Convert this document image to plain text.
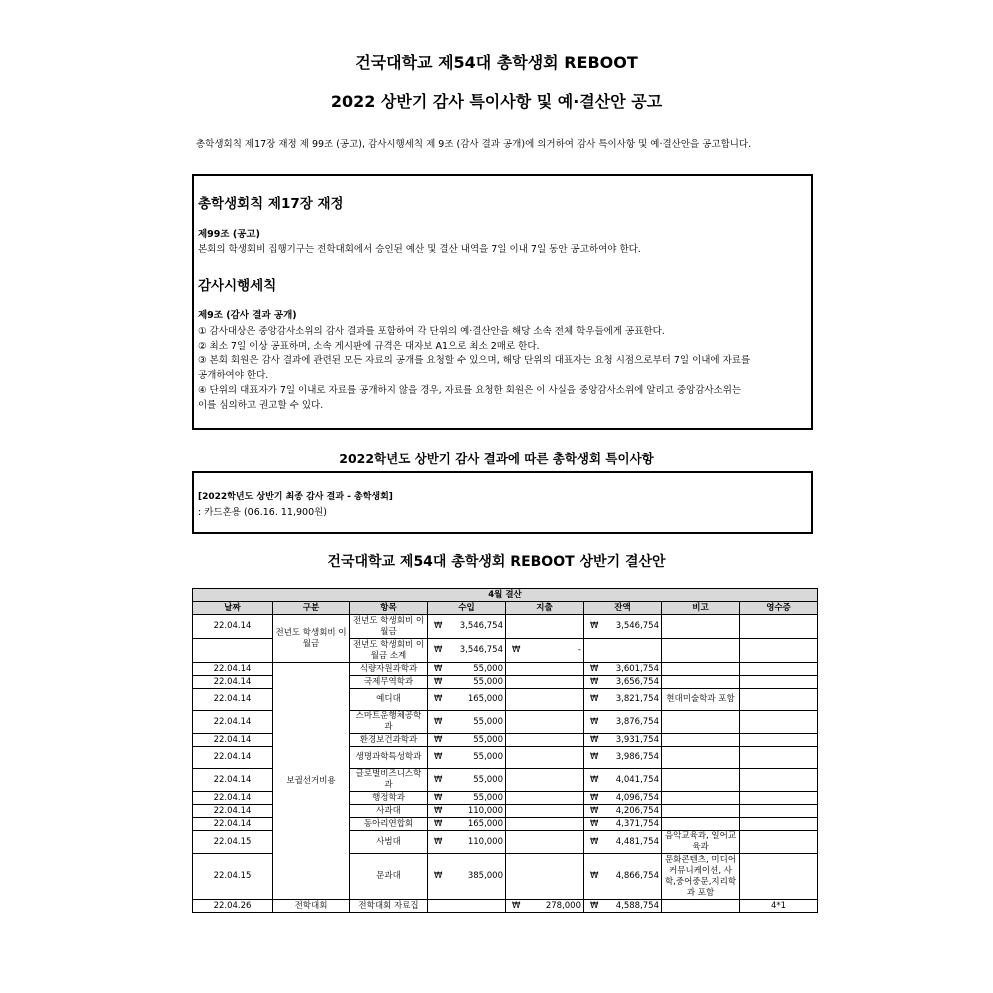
건국대학교 제54대 총학생회 REBOOT
2022 상반기 감사 특이사항 및 예·결산안 공고
총학생회칙 제17장 재정 제 99조 (공고), 감사시행세칙 제 9조 (감사 결과 공개)에 의거하여 감사 특이사항 및 예·결산안을 공고합니다.
총학생회칙 제17장 재정
제99조 (공고)
본회의 학생회비 집행기구는 전학대회에서 승인된 예산 및 결산 내역을 7일 이내 7일 동안 공고하여야 한다.
감사시행세칙
제9조 (감사 결과 공개)
① 감사대상은 중앙감사소위의 감사 결과를 포함하여 각 단위의 예·결산안을 해당 소속 전체 학우들에게 공표한다.
② 최소 7일 이상 공표하며, 소속 게시판에 규격은 대자보 A1으로 최소 2매로 한다.
③ 본회 회원은 감사 결과에 관련된 모든 자료의 공개를 요청할 수 있으며, 해당 단위의 대표자는 요청 시점으로부터 7일 이내에 자료를
공개하여야 한다.
④ 단위의 대표자가 7일 이내로 자료를 공개하지 않을 경우, 자료를 요청한 회원은 이 사실을 중앙감사소위에 알리고 중앙감사소위는
이를 심의하고 권고할 수 있다.
2022학년도 상반기 감사 결과에 따른 총학생회 특이사항
[2022학년도 상반기 최종 감사 결과 - 총학생회]
: 카드혼용 (06.16. 11,900원)
건국대학교 제54대 총학생회 REBOOT 상반기 결산안
4월 결산							
날짜	구분	항목	수입	지출	잔액	비고	영수증
22.04.14	전년도 학생회비 이월금	전년도 학생회비 이월금	₩ 3,546,754		₩ 3,546,754		
		전년도 학생회비 이월금 소계	₩ 3,546,754	₩ -			
22.04.14	보궐선거비용	식량자원과학과	₩ 55,000		₩ 3,601,754		
22.04.14		국제무역학과	₩ 55,000		₩ 3,656,754		
22.04.14		예디대	₩ 165,000		₩ 3,821,754	현대미술학과 포함	
22.04.14		스마트운행체공학과	₩ 55,000		₩ 3,876,754		
22.04.14		환경보건과학과	₩ 55,000		₩ 3,931,754		
22.04.14		생명과학특성학과	₩ 55,000		₩ 3,986,754		
22.04.14		글로벌비즈니스학과	₩ 55,000		₩ 4,041,754		
22.04.14		행정학과	₩ 55,000		₩ 4,096,754		
22.04.14		사과대	₩ 110,000		₩ 4,206,754		
22.04.14		동아리연합회	₩ 165,000		₩ 4,371,754		
22.04.15		사범대	₩ 110,000		₩ 4,481,754	음악교육과, 일어교육과	
22.04.15		문과대	₩ 385,000		₩ 4,866,754	문화콘텐츠, 미디어커뮤니케이션, 사학,중어중문,지리학과 포함	
22.04.26	전학대회	전학대회 자료집		₩ 278,000	₩ 4,588,754		4*1
